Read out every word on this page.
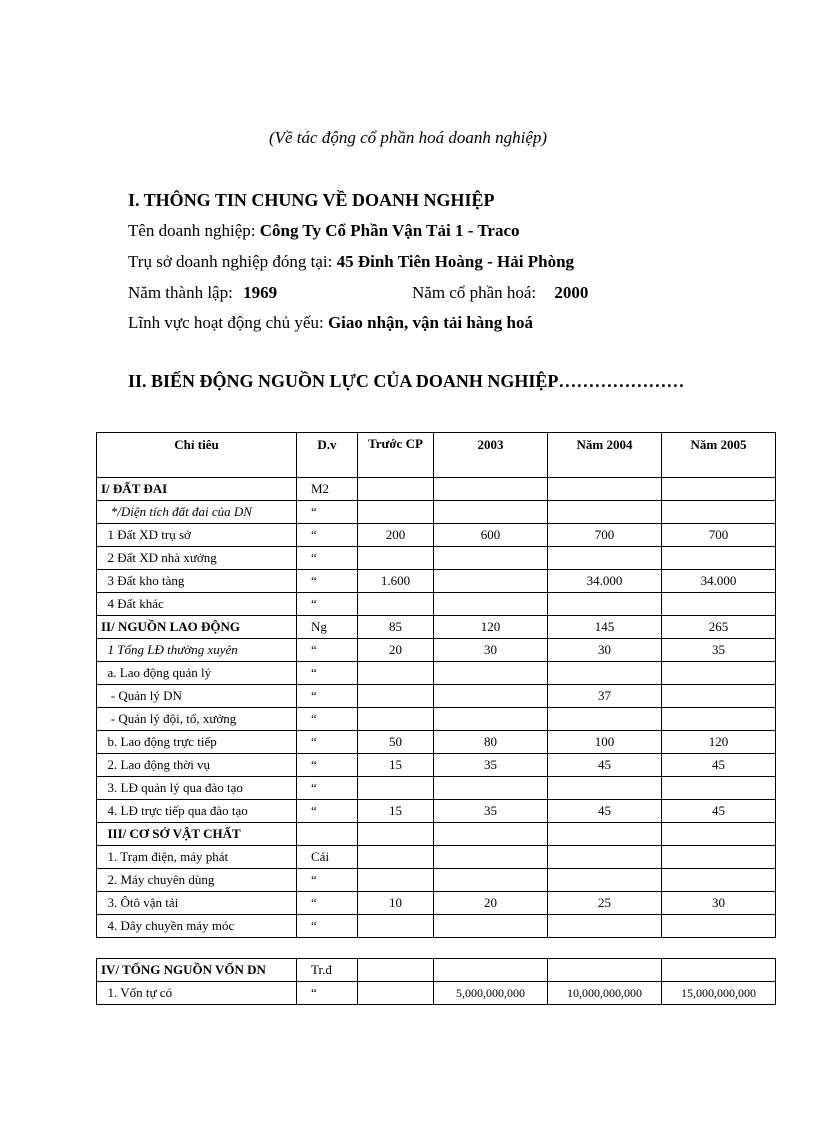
(Về tác động cổ phần hoá doanh nghiệp)
I. THÔNG TIN CHUNG VỀ DOANH NGHIỆP
Tên doanh nghiệp: Công Ty Cổ Phần Vận Tải 1 - Traco
Trụ sở doanh nghiệp đóng tại: 45 Đinh Tiên Hoàng - Hải Phòng
Năm thành lập: 1969	Năm cổ phần hoá: 2000
Lĩnh vực hoạt động chủ yếu: Giao nhận, vận tải hàng hoá
II. BIẾN ĐỘNG NGUỒN LỰC CỦA DOANH NGHIỆP…………………
Chỉ tiêu	D.v	Trước CP	2003	Năm 2004	Năm 2005
I/ ĐẤT ĐAI	M2				
*/Diện tích đất đai của DN	“				
1 Đất XD trụ sở	“	200	600	700	700
2 Đất XD nhà xưởng	“				
3 Đất kho tàng	“	1.600		34.000	34.000
4 Đất khác	“				
II/ NGUỒN LAO ĐỘNG	Ng	85	120	145	265
1 Tổng LĐ thường xuyên	“	20	30	30	35
a. Lao động quản lý	“				
- Quản lý DN	“			37	
- Quản lý đội, tổ, xưởng	“				
b. Lao động trực tiếp	“	50	80	100	120
2. Lao động thời vụ	“	15	35	45	45
3. LĐ quản lý qua đào tạo	“				
4. LĐ trực tiếp qua đào tạo	“	15	35	45	45
III/ CƠ SỞ VẬT CHẤT					
1. Trạm điện, máy phát	Cái				
2. Máy chuyên dùng	“				
3. Ôtô vận tải	“	10	20	25	30
4. Dây chuyền máy móc	“				
IV/ TỔNG NGUỒN VỐN DN	Tr.đ				
1. Vốn tự có	“		5,000,000,000	10,000,000,000	15,000,000,000
